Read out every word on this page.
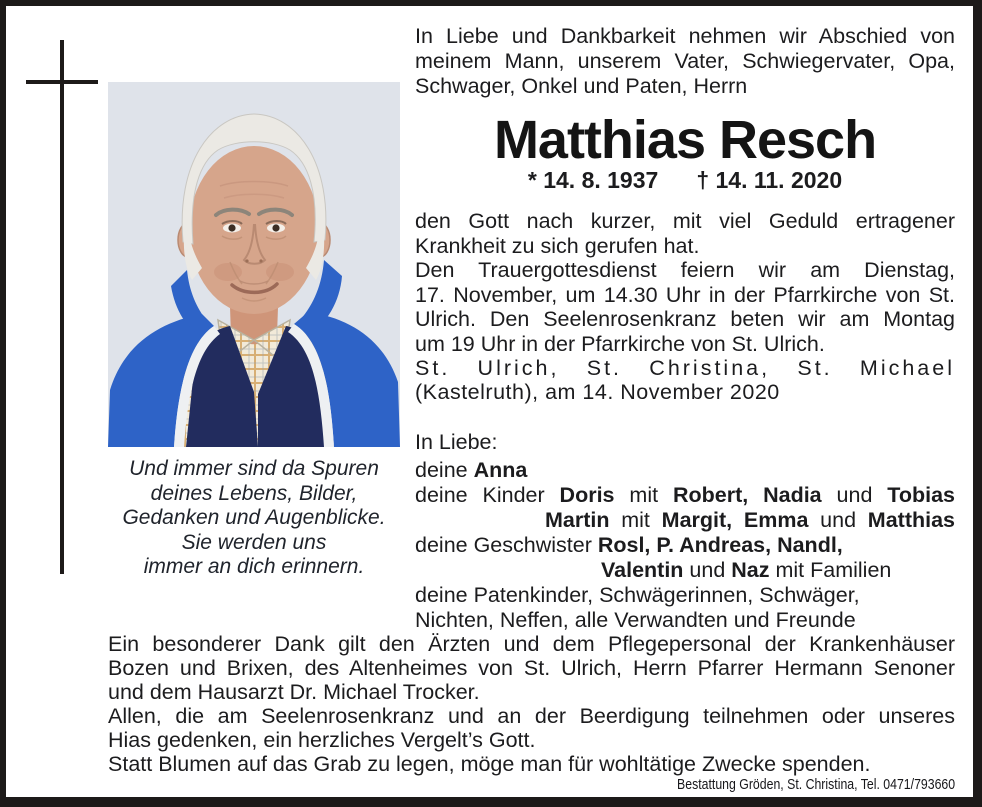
Und immer sind da Spuren
deines Lebens, Bilder,
Gedanken und Augenblicke.
Sie werden uns
immer an dich erinnern.
In Liebe und Dankbarkeit nehmen wir Abschied von
meinem Mann, unserem Vater, Schwiegervater, Opa,
Schwager, Onkel und Paten, Herrn
Matthias Resch
* 14. 8. 1937 † 14. 11. 2020
den Gott nach kurzer, mit viel Geduld ertragener
Krankheit zu sich gerufen hat.
Den Trauergottesdienst feiern wir am Dienstag,
17. November, um 14.30 Uhr in der Pfarrkirche von St.
Ulrich. Den Seelenrosenkranz beten wir am Montag
um 19 Uhr in der Pfarrkirche von St. Ulrich.
St. Ulrich, St. Christina, St. Michael
(Kastelruth), am 14. November 2020
In Liebe:
deine Anna
deine Kinder Doris mit Robert, Nadia und Tobias
Martin mit Margit, Emma und Matthias
deine Geschwister Rosl, P. Andreas, Nandl,
Valentin und Naz mit Familien
deine Patenkinder, Schwägerinnen, Schwäger,
Nichten, Neffen, alle Verwandten und Freunde
Ein besonderer Dank gilt den Ärzten und dem Pflegepersonal der Krankenhäuser
Bozen und Brixen, des Altenheimes von St. Ulrich, Herrn Pfarrer Hermann Senoner
und dem Hausarzt Dr. Michael Trocker.
Allen, die am Seelenrosenkranz und an der Beerdigung teilnehmen oder unseres
Hias gedenken, ein herzliches Vergelt’s Gott.
Statt Blumen auf das Grab zu legen, möge man für wohltätige Zwecke spenden.
Bestattung Gröden, St. Christina, Tel. 0471/793660
